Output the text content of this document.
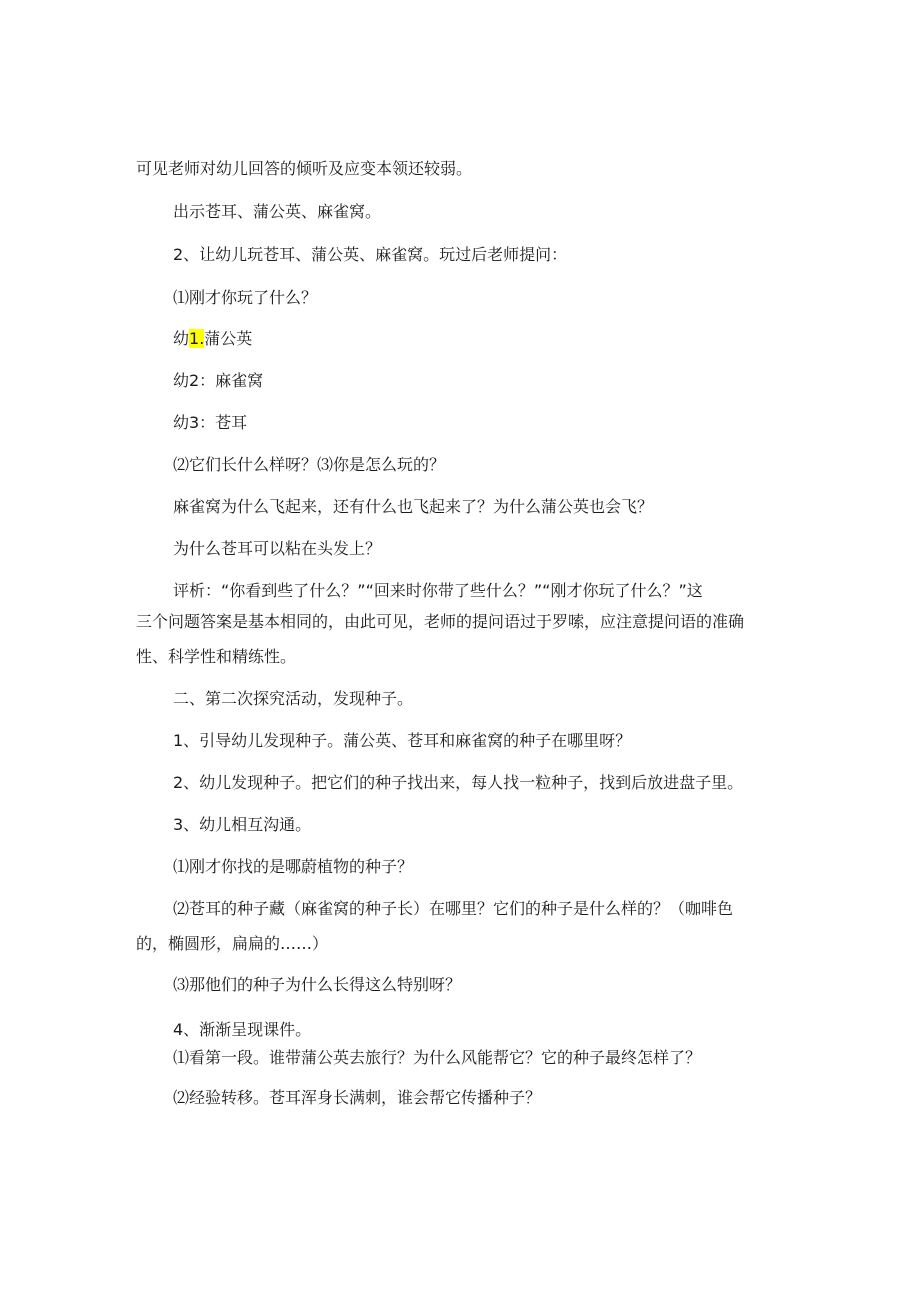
可见老师对幼儿回答的倾听及应变本领还较弱。
出示苍耳、蒲公英、麻雀窝。
2、让幼儿玩苍耳、蒲公英、麻雀窝。玩过后老师提问：
⑴刚才你玩了什么？
幼1.蒲公英
幼2：麻雀窝
幼3：苍耳
⑵它们长什么样呀？⑶你是怎么玩的？
麻雀窝为什么飞起来，还有什么也飞起来了？为什么蒲公英也会飞？
为什么苍耳可以粘在头发上？
评析：“你看到些了什么？”“回来时你带了些什么？”“刚才你玩了什么？”这
三个问题答案是基本相同的，由此可见，老师的提问语过于罗嗦，应注意提问语的准确
性、科学性和精练性。
二、第二次探究活动，发现种子。
1、引导幼儿发现种子。蒲公英、苍耳和麻雀窝的种子在哪里呀？
2、幼儿发现种子。把它们的种子找出来，每人找一粒种子，找到后放进盘子里。
3、幼儿相互沟通。
⑴刚才你找的是哪蔚植物的种子？
⑵苍耳的种子藏（麻雀窝的种子长）在哪里？它们的种子是什么样的？（咖啡色
的，椭圆形，扁扁的……）
⑶那他们的种子为什么长得这么特别呀？
4、渐渐呈现课件。
⑴看第一段。谁带蒲公英去旅行？为什么风能帮它？它的种子最终怎样了？
⑵经验转移。苍耳浑身长满刺，谁会帮它传播种子？
